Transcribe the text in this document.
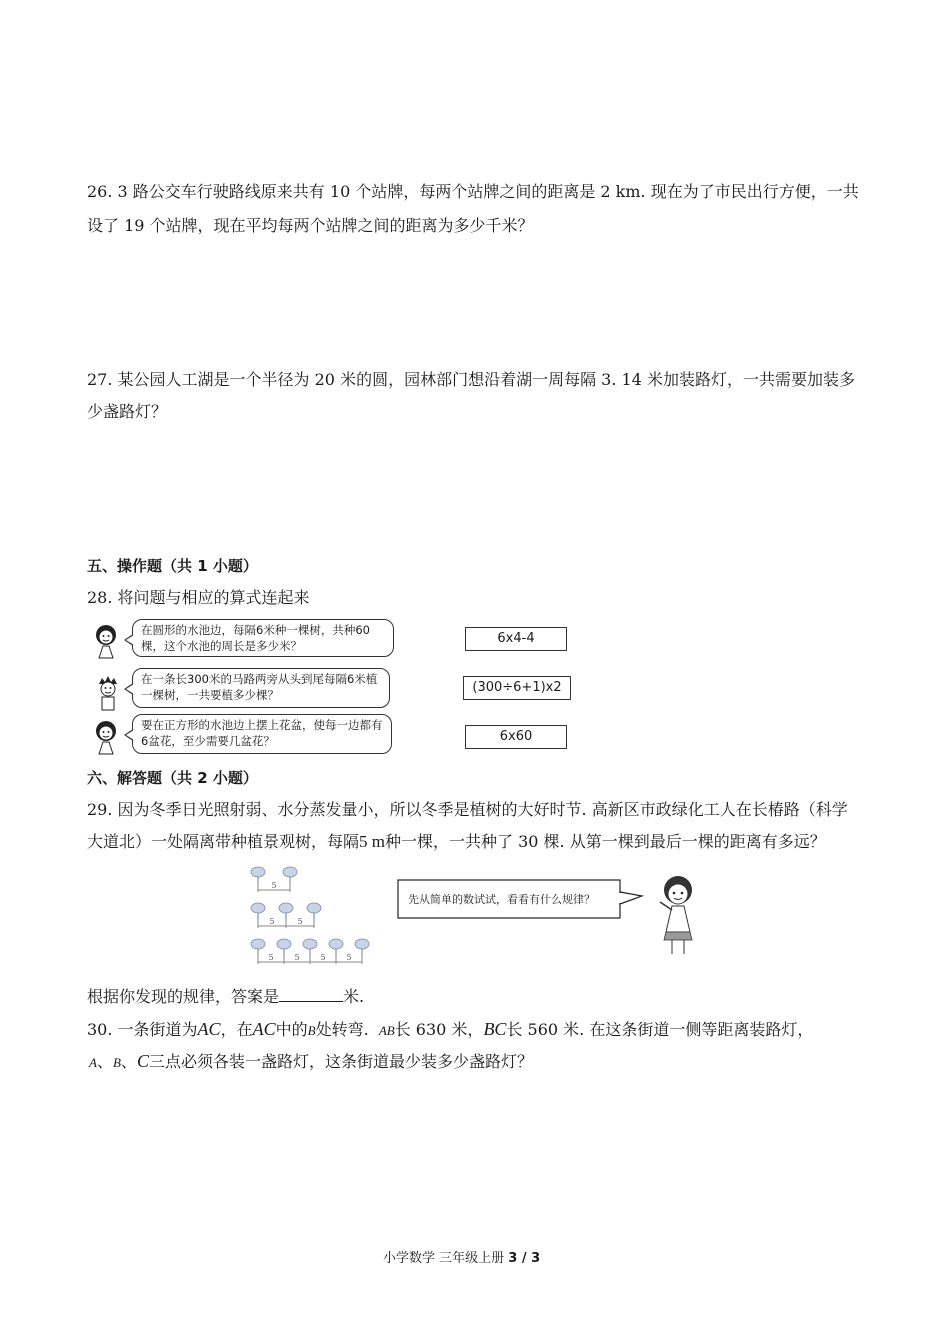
26. 3 路公交车行驶路线原来共有 10 个站牌，每两个站牌之间的距离是 2 km. 现在为了市民出行方便，一共
设了 19 个站牌，现在平均每两个站牌之间的距离为多少千米？
27. 某公园人工湖是一个半径为 20 米的圆，园林部门想沿着湖一周每隔 3. 14 米加装路灯，一共需要加装多
少盏路灯？
五、操作题（共 1 小题）
28. 将问题与相应的算式连起来
在圆形的水池边，每隔6米种一棵树，共种60棵，这个水池的周长是多少米？
在一条长300米的马路两旁从头到尾每隔6米植一棵树，一共要植多少棵？
要在正方形的水池边上摆上花盆，使每一边都有6盆花，至少需要几盆花？
6x4-4
(300÷6+1)x2
6x60
六、解答题（共 2 小题）
29. 因为冬季日光照射弱、水分蒸发量小，所以冬季是植树的大好时节. 高新区市政绿化工人在长椿路（科学
大道北）一处隔离带种植景观树，每隔5 m种一棵，一共种了 30 棵. 从第一棵到最后一棵的距离有多远？
5
5	5
5	5	5	5
先从简单的数试试，看看有什么规律？
根据你发现的规律，答案是	米.
30. 一条街道为AC，在AC中的B处转弯. AB长 630 米，BC长 560 米. 在这条街道一侧等距离装路灯，
A、B、C三点必须各装一盏路灯，这条街道最少装多少盏路灯？
小学数学 三年级上册 3 / 3
